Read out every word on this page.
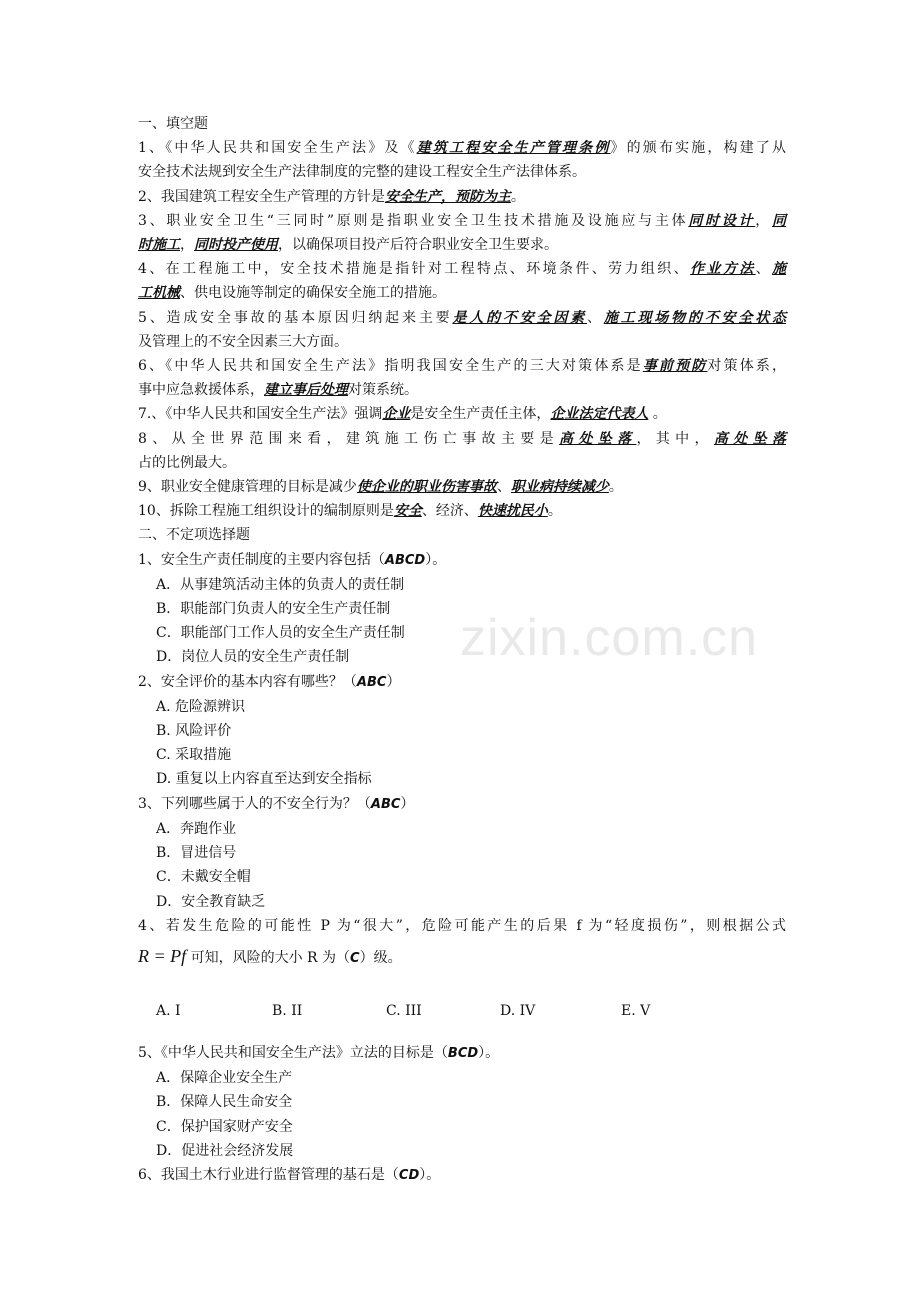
zixin.com.cn
一、填空题
1、《中华人民共和国安全生产法》及《建筑工程安全生产管理条例》的颁布实施，构建了从
安全技术法规到安全生产法律制度的完整的建设工程安全生产法律体系。
2、我国建筑工程安全生产管理的方针是安全生产，预防为主。
3、职业安全卫生“三同时”原则是指职业安全卫生技术措施及设施应与主体同时设计，同
时施工，同时投产使用，以确保项目投产后符合职业安全卫生要求。
4、在工程施工中，安全技术措施是指针对工程特点、环境条件、劳力组织、作业方法、施
工机械、供电设施等制定的确保安全施工的措施。
5、造成安全事故的基本原因归纳起来主要是人的不安全因素、施工现场物的不安全状态
及管理上的不安全因素三大方面。
6、《中华人民共和国安全生产法》指明我国安全生产的三大对策体系是事前预防对策体系，
事中应急救援体系，建立事后处理对策系统。
7.、《中华人民共和国安全生产法》强调企业是安全生产责任主体，企业法定代表人 。
8、从全世界范围来看，建筑施工伤亡事故主要是高处坠落，其中，高处坠落
占的比例最大。
9、职业安全健康管理的目标是减少使企业的职业伤害事故、职业病持续减少。
10、拆除工程施工组织设计的编制原则是安全、经济、快速扰民小。
二、不定项选择题
1、安全生产责任制度的主要内容包括（ABCD）。
A．从事建筑活动主体的负责人的责任制
B．职能部门负责人的安全生产责任制
C．职能部门工作人员的安全生产责任制
D．岗位人员的安全生产责任制
2、安全评价的基本内容有哪些？（ABC）
A. 危险源辨识
B. 风险评价
C. 采取措施
D. 重复以上内容直至达到安全指标
3、下列哪些属于人的不安全行为？（ABC）
A．奔跑作业
B．冒进信号
C．未戴安全帽
D．安全教育缺乏
4、若发生危险的可能性 P 为“很大”，危险可能产生的后果 f 为“轻度损伤”，则根据公式
R = Pf 可知，风险的大小 R 为（C）级。
A. I	B. II	C. III	D. IV	E. V
5、《中华人民共和国安全生产法》立法的目标是（BCD）。
A．保障企业安全生产
B．保障人民生命安全
C．保护国家财产安全
D．促进社会经济发展
6、我国土木行业进行监督管理的基石是（CD）。
